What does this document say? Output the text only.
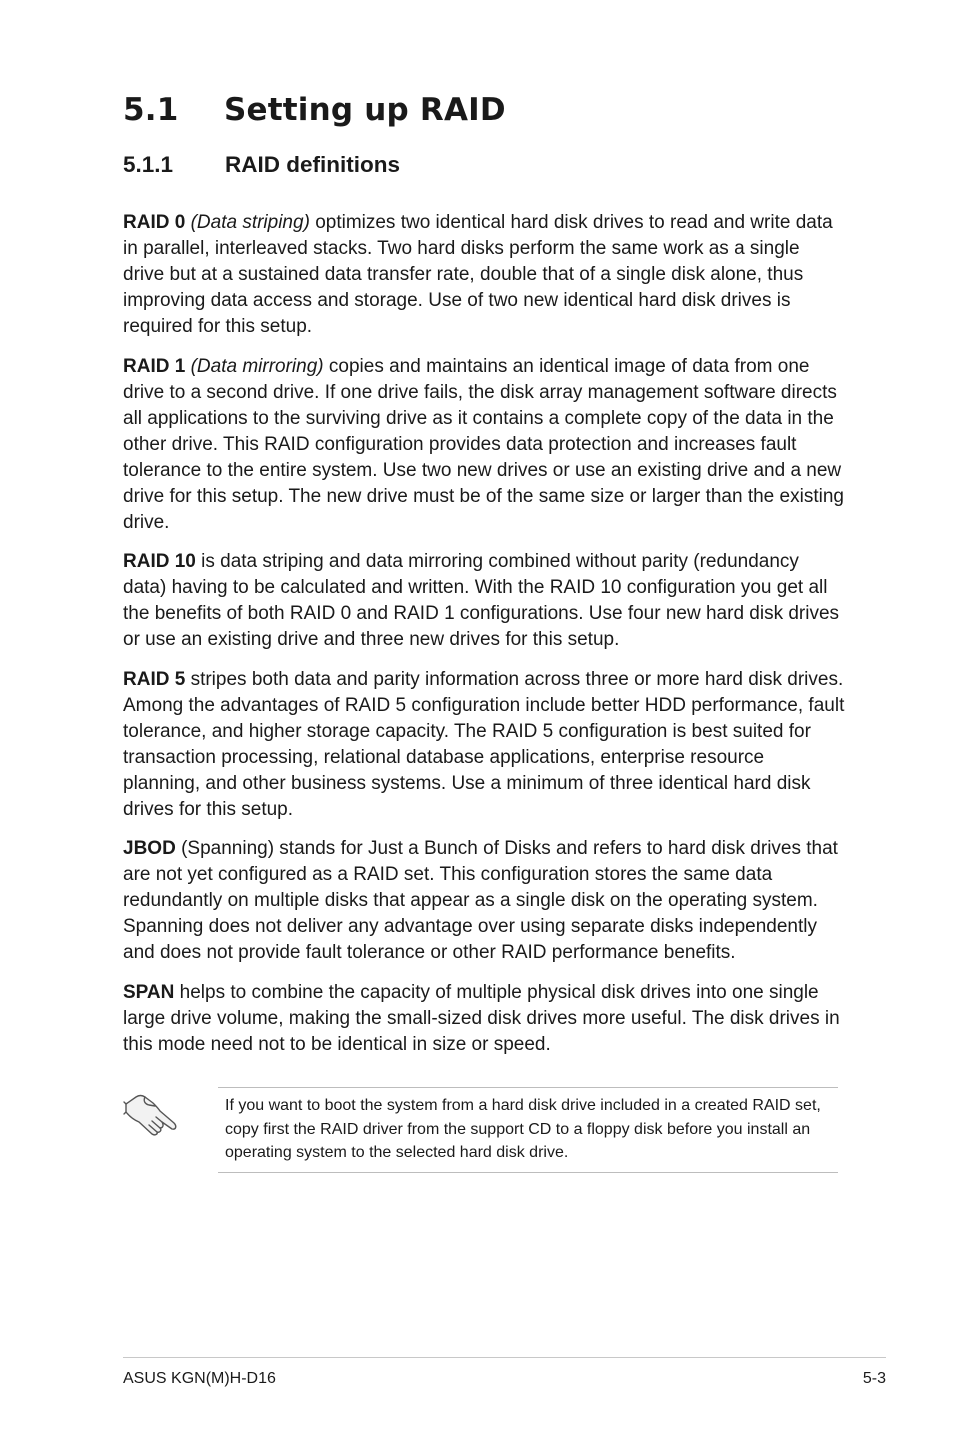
5.1 Setting up RAID
5.1.1 RAID definitions

RAID 0 (Data striping) optimizes two identical hard disk drives to read and write data in parallel, interleaved stacks. Two hard disks perform the same work as a single drive but at a sustained data transfer rate, double that of a single disk alone, thus improving data access and storage. Use of two new identical hard disk drives is required for this setup.

RAID 1 (Data mirroring) copies and maintains an identical image of data from one drive to a second drive. If one drive fails, the disk array management software directs all applications to the surviving drive as it contains a complete copy of the data in the other drive. This RAID configuration provides data protection and increases fault tolerance to the entire system. Use two new drives or use an existing drive and a new drive for this setup. The new drive must be of the same size or larger than the existing drive.

RAID 10 is data striping and data mirroring combined without parity (redundancy data) having to be calculated and written. With the RAID 10 configuration you get all the benefits of both RAID 0 and RAID 1 configurations. Use four new hard disk drives or use an existing drive and three new drives for this setup.

RAID 5 stripes both data and parity information across three or more hard disk drives. Among the advantages of RAID 5 configuration include better HDD performance, fault tolerance, and higher storage capacity. The RAID 5 configuration is best suited for transaction processing, relational database applications, enterprise resource planning, and other business systems. Use a minimum of three identical hard disk drives for this setup.

JBOD (Spanning) stands for Just a Bunch of Disks and refers to hard disk drives that are not yet configured as a RAID set. This configuration stores the same data redundantly on multiple disks that appear as a single disk on the operating system. Spanning does not deliver any advantage over using separate disks independently and does not provide fault tolerance or other RAID performance benefits.

SPAN helps to combine the capacity of multiple physical disk drives into one single large drive volume, making the small-sized disk drives more useful. The disk drives in this mode need not to be identical in size or speed.

If you want to boot the system from a hard disk drive included in a created RAID set, copy first the RAID driver from the support CD to a floppy disk before you install an operating system to the selected hard disk drive.

ASUS KGN(M)H-D16	5-3
